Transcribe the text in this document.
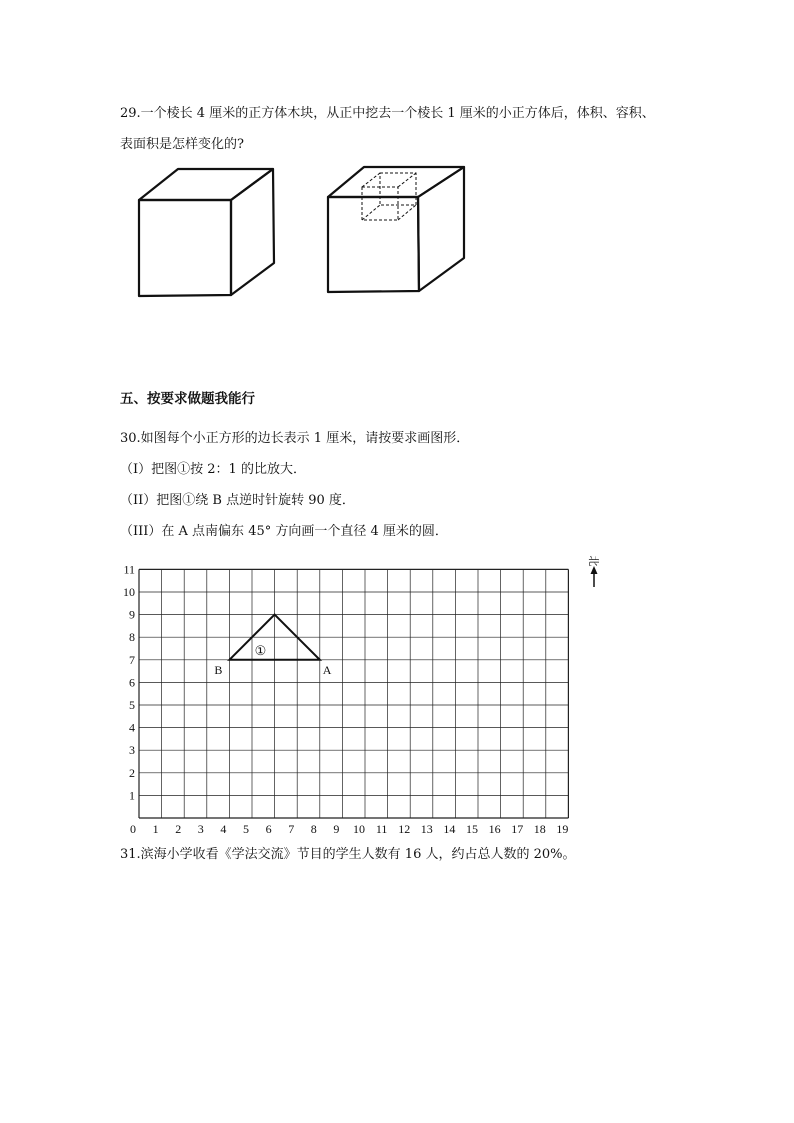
29.一个棱长 4 厘米的正方体木块，从正中挖去一个棱长 1 厘米的小正方体后，体积、容积、
表面积是怎样变化的?
五、按要求做题我能行
30.如图每个小正方形的边长表示 1 厘米，请按要求画图形．
（I）把图①按 2：1 的比放大．
（II）把图①绕 B 点逆时针旋转 90 度．
（III）在 A 点南偏东 45° 方向画一个直径 4 厘米的圆．
0 1 2 3 4 5 6 7 8 9 10 11 12 13 14 15 16 17 18 19
1
2
3
4
5
6
7
8
9
10
11
①
B	A
北
31.滨海小学收看《学法交流》节目的学生人数有 16 人，约占总人数的 20%。
